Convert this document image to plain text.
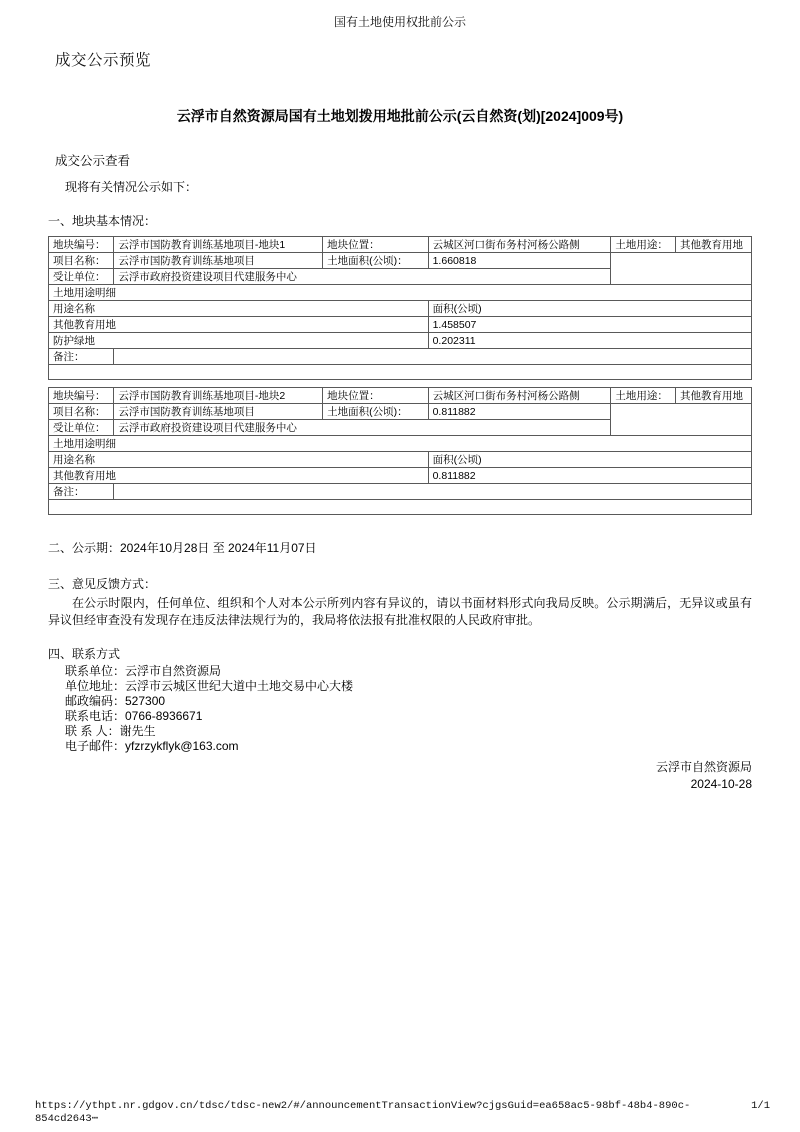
国有土地使用权批前公示
成交公示预览
云浮市自然资源局国有土地划拨用地批前公示(云自然资(划)[2024]009号)
成交公示查看
现将有关情况公示如下：
一、地块基本情况：
地块编号：	云浮市国防教育训练基地项目-地块1	地块位置：	云城区河口街布务村河杨公路侧	土地用途：	其他教育用地
项目名称：	云浮市国防教育训练基地项目	土地面积(公顷)：	1.660818		
受让单位：	云浮市政府投资建设项目代建服务中心				
土地用途明细					
用途名称			面积(公顷)		
其他教育用地			1.458507		
防护绿地			0.202311		
备注：					

地块编号：	云浮市国防教育训练基地项目-地块2	地块位置：	云城区河口街布务村河杨公路侧	土地用途：	其他教育用地
项目名称：	云浮市国防教育训练基地项目	土地面积(公顷)：	0.811882		
受让单位：	云浮市政府投资建设项目代建服务中心				
土地用途明细					
用途名称			面积(公顷)		
其他教育用地			0.811882		
备注：					

二、公示期：2024年10月28日 至 2024年11月07日
三、意见反馈方式：
在公示时限内，任何单位、组织和个人对本公示所列内容有异议的，请以书面材料形式向我局反映。公示期满后，无异议或虽有异议但经审查没有发现存在违反法律法规行为的，我局将依法报有批准权限的人民政府审批。
四、联系方式
联系单位：云浮市自然资源局
单位地址：云浮市云城区世纪大道中土地交易中心大楼
邮政编码：527300
联系电话：0766-8936671
联 系 人：谢先生
电子邮件：yfzrzykflyk@163.com
云浮市自然资源局
2024-10-28
https://ythpt.nr.gdgov.cn/tdsc/tdsc-new2/#/announcementTransactionView?cjgsGuid=ea658ac5-98bf-48b4-890c-854cd2643⋯
1/1
